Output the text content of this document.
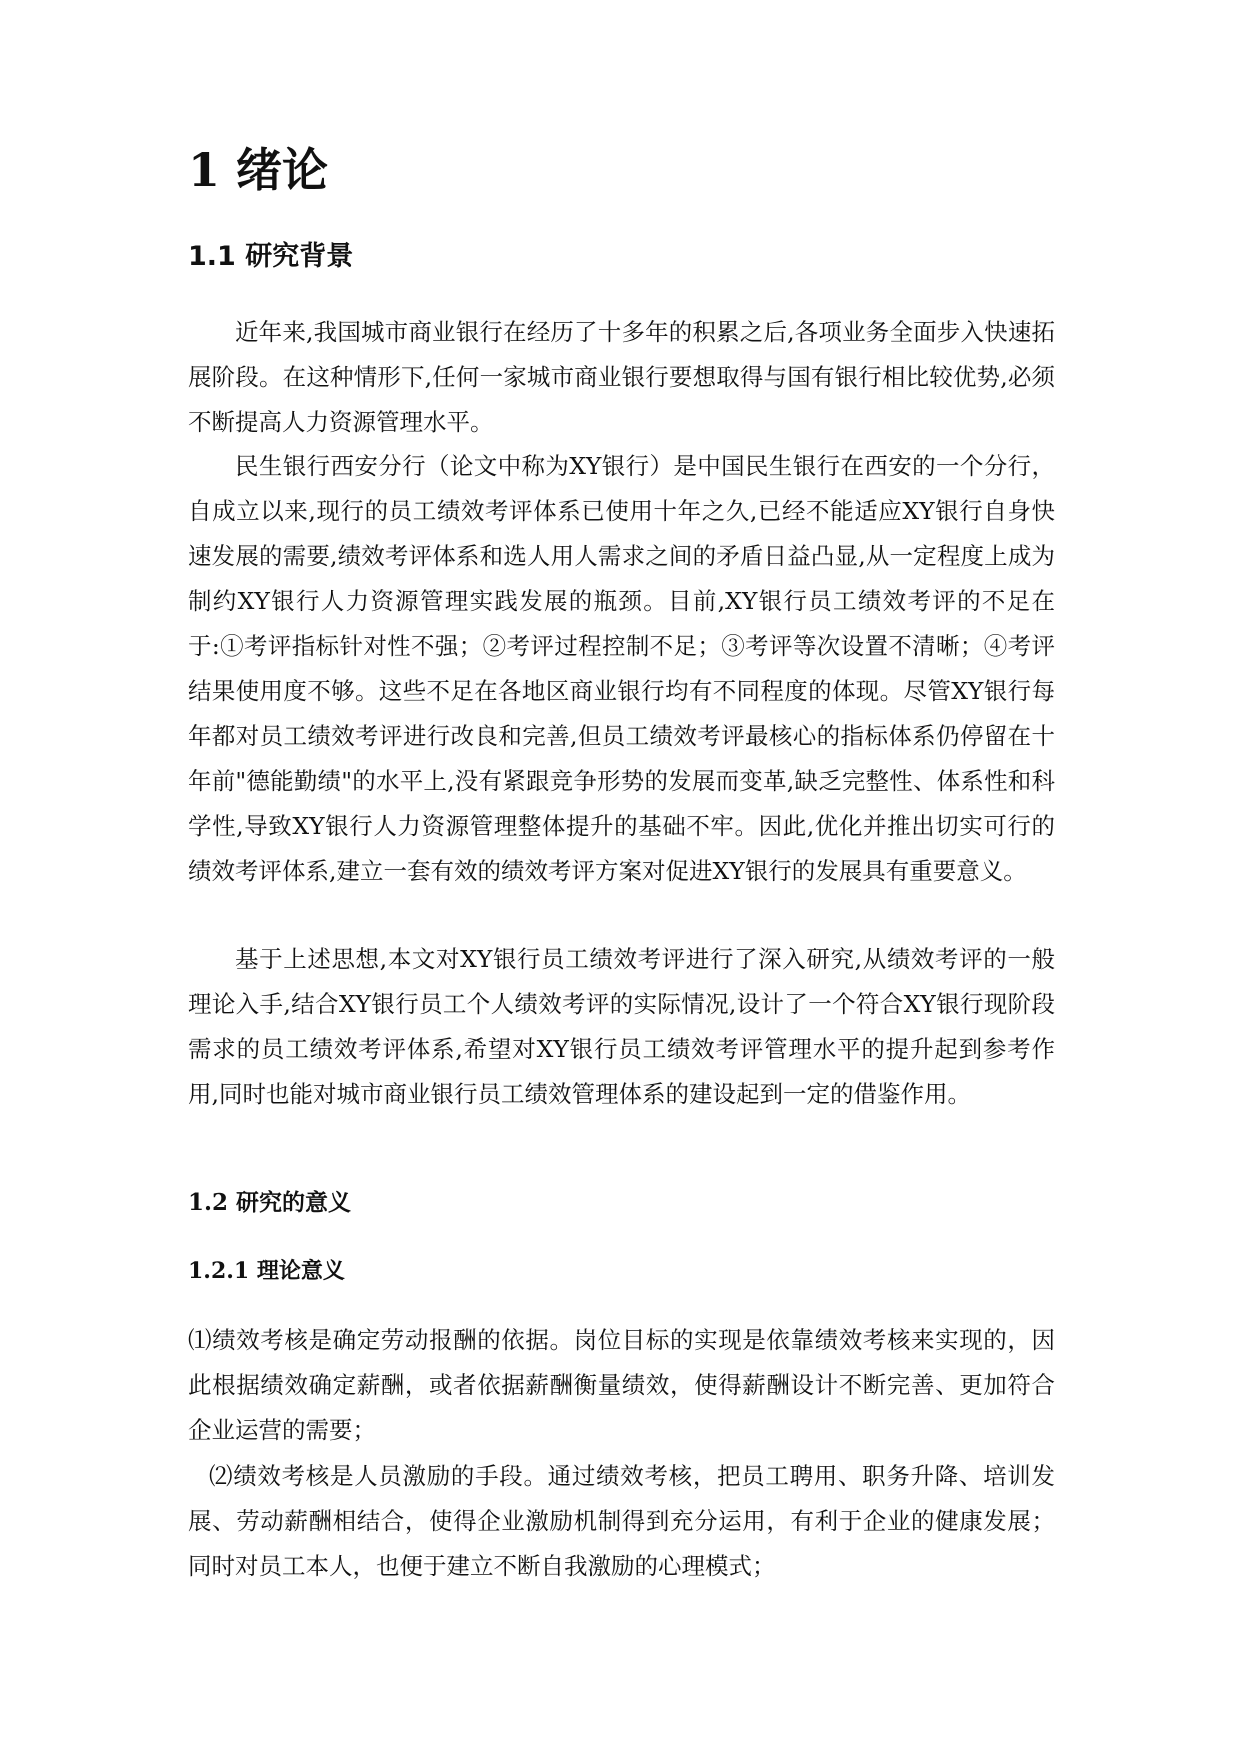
1 绪论
1.1 研究背景

近年来,我国城市商业银行在经历了十多年的积累之后,各项业务全面步入快速拓展阶段。在这种情形下,任何一家城市商业银行要想取得与国有银行相比较优势,必须不断提高人力资源管理水平。

民生银行西安分行（论文中称为XY银行）是中国民生银行在西安的一个分行，自成立以来,现行的员工绩效考评体系已使用十年之久,已经不能适应XY银行自身快速发展的需要,绩效考评体系和选人用人需求之间的矛盾日益凸显,从一定程度上成为制约XY银行人力资源管理实践发展的瓶颈。目前,XY银行员工绩效考评的不足在于:①考评指标针对性不强；②考评过程控制不足；③考评等次设置不清晰；④考评结果使用度不够。这些不足在各地区商业银行均有不同程度的体现。尽管XY银行每年都对员工绩效考评进行改良和完善,但员工绩效考评最核心的指标体系仍停留在十年前"德能勤绩"的水平上,没有紧跟竞争形势的发展而变革,缺乏完整性、体系性和科学性,导致XY银行人力资源管理整体提升的基础不牢。因此,优化并推出切实可行的绩效考评体系,建立一套有效的绩效考评方案对促进XY银行的发展具有重要意义。

基于上述思想,本文对XY银行员工绩效考评进行了深入研究,从绩效考评的一般理论入手,结合XY银行员工个人绩效考评的实际情况,设计了一个符合XY银行现阶段需求的员工绩效考评体系,希望对XY银行员工绩效考评管理水平的提升起到参考作用,同时也能对城市商业银行员工绩效管理体系的建设起到一定的借鉴作用。

1.2 研究的意义
1.2.1 理论意义

⑴绩效考核是确定劳动报酬的依据。岗位目标的实现是依靠绩效考核来实现的，因此根据绩效确定薪酬，或者依据薪酬衡量绩效，使得薪酬设计不断完善、更加符合企业运营的需要；

⑵绩效考核是人员激励的手段。通过绩效考核，把员工聘用、职务升降、培训发展、劳动薪酬相结合，使得企业激励机制得到充分运用，有利于企业的健康发展；同时对员工本人，也便于建立不断自我激励的心理模式；
